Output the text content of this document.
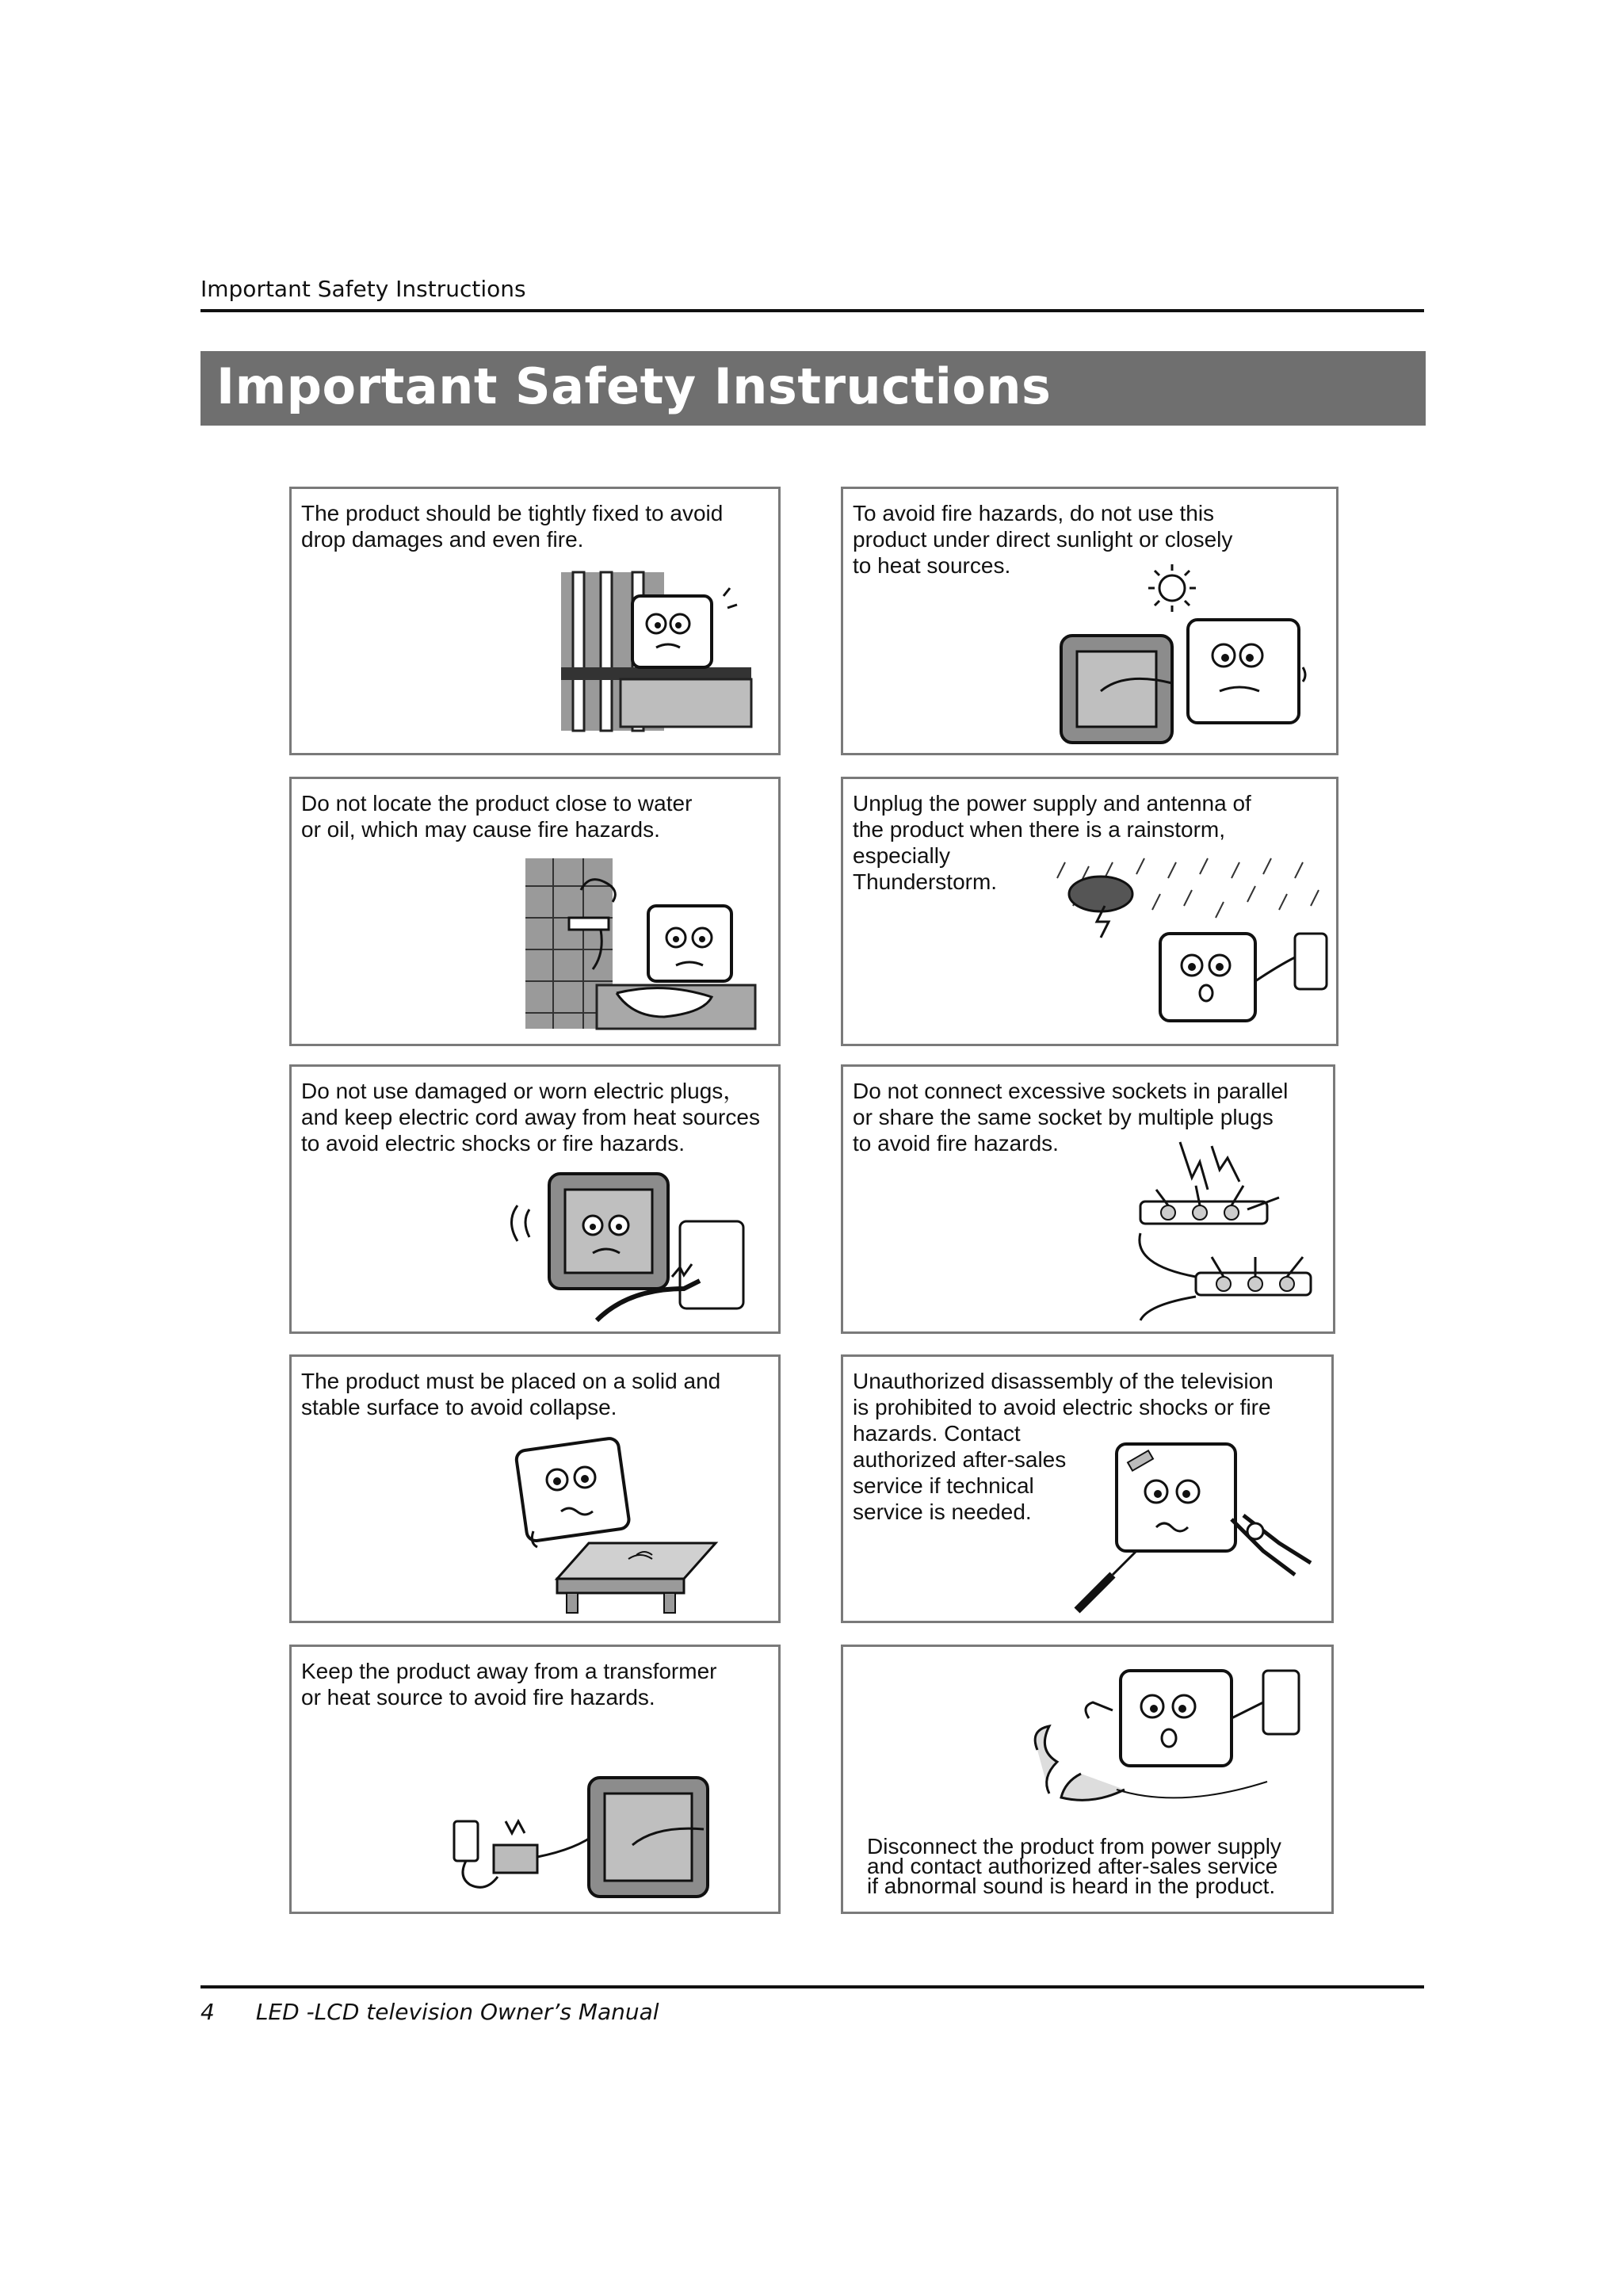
Important Safety Instructions
Important Safety Instructions
The product should be tightly fixed to avoid
drop damages and even fire.
To avoid fire hazards, do not use this
product under direct sunlight or closely
to heat sources.
Do not locate the product close to water
or oil, which may cause fire hazards.
Unplug the power supply and antenna of
the product when there is a rainstorm,
especially
Thunderstorm.
Do not use damaged or worn electric plugs，
and keep electric cord away from heat sources
to avoid electric shocks or fire hazards.
Do not connect excessive sockets in parallel
or share the same socket by multiple plugs
to avoid fire hazards.
The product must be placed on a solid and
stable surface to avoid collapse.
Unauthorized disassembly of the television
is prohibited to avoid electric shocks or fire
hazards. Contact
authorized after-sales
service if technical
service is needed.
Keep the product away from a transformer
or heat source to avoid fire hazards.
Disconnect the product from power supply
and contact authorized after-sales service
if abnormal sound is heard in the product.
4 LED -LCD television Owner’s Manual
